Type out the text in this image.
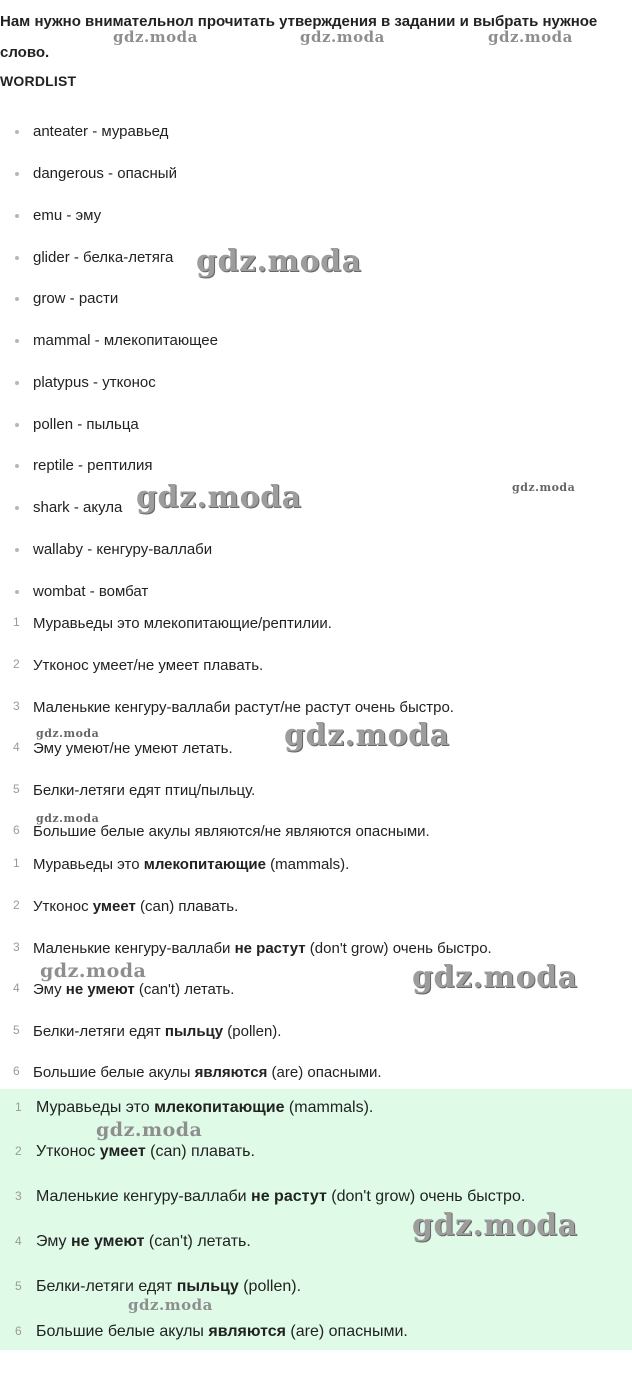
Нам нужно внимательнол прочитать утверждения в задании и выбрать нужное слово.
WORDLIST
anteater - муравьед
dangerous - опасный
emu - эму
glider - белка-летяга
grow - расти
mammal - млекопитающее
platypus - утконос
pollen - пыльца
reptile - рептилия
shark - акула
wallaby - кенгуру-валлаби
wombat - вомбат
1 Муравьеды это млекопитающие/рептилии.
2 Утконос умеет/не умеет плавать.
3 Маленькие кенгуру-валлаби растут/не растут очень быстро.
4 Эму умеют/не умеют летать.
5 Белки-летяги едят птиц/пыльцу.
6 Большие белые акулы являются/не являются опасными.
1 Муравьеды это млекопитающие (mammals).
2 Утконос умеет (can) плавать.
3 Маленькие кенгуру-валлаби не растут (don't grow) очень быстро.
4 Эму не умеют (can't) летать.
5 Белки-летяги едят пыльцу (pollen).
6 Большие белые акулы являются (are) опасными.
1 Муравьеды это млекопитающие (mammals).
2 Утконос умеет (can) плавать.
3 Маленькие кенгуру-валлаби не растут (don't grow) очень быстро.
4 Эму не умеют (can't) летать.
5 Белки-летяги едят пыльцу (pollen).
6 Большие белые акулы являются (are) опасными.
gdz.moda	gdz.moda	gdz.moda
gdz.moda
gdz.moda	gdz.moda
gdz.moda	gdz.moda
gdz.moda
gdz.moda	gdz.moda
gdz.moda
gdz.moda
gdz.moda
